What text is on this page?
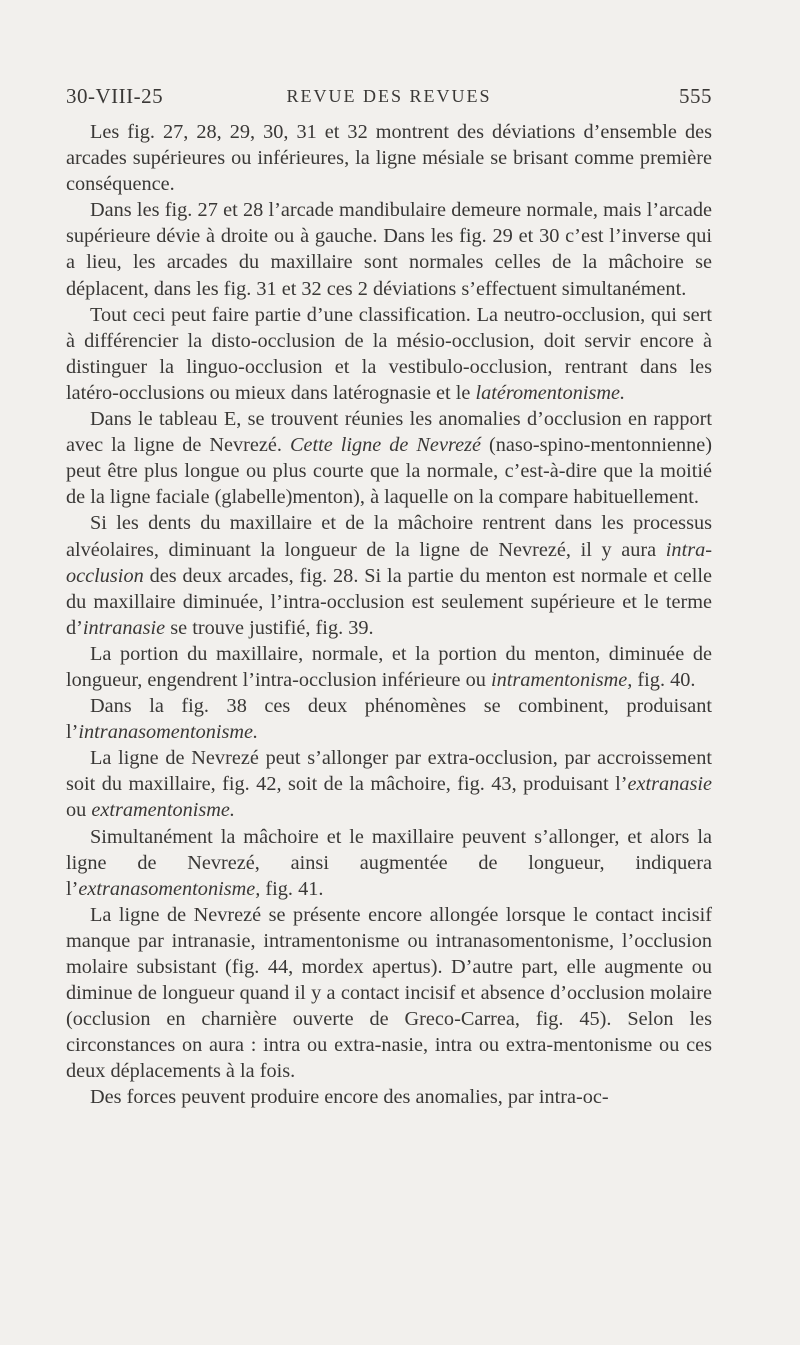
30-VIII-25	REVUE DES REVUES	555

Les fig. 27, 28, 29, 30, 31 et 32 montrent des déviations d’ensemble des arcades supérieures ou inférieures, la ligne mésiale se brisant comme première conséquence.

Dans les fig. 27 et 28 l’arcade mandibulaire demeure normale, mais l’arcade supérieure dévie à droite ou à gauche. Dans les fig. 29 et 30 c’est l’inverse qui a lieu, les arcades du maxillaire sont normales celles de la mâchoire se déplacent, dans les fig. 31 et 32 ces 2 déviations s’effectuent simultanément.

Tout ceci peut faire partie d’une classification. La neutro-occlusion, qui sert à différencier la disto-occlusion de la mésio-occlusion, doit servir encore à distinguer la linguo-occlusion et la vestibulo-occlusion, rentrant dans les latéro-occlusions ou mieux dans latérognasie et le latéromentonisme.

Dans le tableau E, se trouvent réunies les anomalies d’occlusion en rapport avec la ligne de Nevrezé. Cette ligne de Nevrezé (naso-spino-mentonnienne) peut être plus longue ou plus courte que la normale, c’est-à-dire que la moitié de la ligne faciale (glabelle)menton), à laquelle on la compare habituellement.

Si les dents du maxillaire et de la mâchoire rentrent dans les processus alvéolaires, diminuant la longueur de la ligne de Nevrezé, il y aura intra-occlusion des deux arcades, fig. 28. Si la partie du menton est normale et celle du maxillaire diminuée, l’intra-occlusion est seulement supérieure et le terme d’intranasie se trouve justifié, fig. 39.

La portion du maxillaire, normale, et la portion du menton, diminuée de longueur, engendrent l’intra-occlusion inférieure ou intramentonisme, fig. 40.

Dans la fig. 38 ces deux phénomènes se combinent, produisant l’intranasomentonisme.

La ligne de Nevrezé peut s’allonger par extra-occlusion, par accroissement soit du maxillaire, fig. 42, soit de la mâchoire, fig. 43, produisant l’extranasie ou extramentonisme.

Simultanément la mâchoire et le maxillaire peuvent s’allonger, et alors la ligne de Nevrezé, ainsi augmentée de longueur, indiquera l’extranasomentonisme, fig. 41.

La ligne de Nevrezé se présente encore allongée lorsque le contact incisif manque par intranasie, intramentonisme ou intranasomentonisme, l’occlusion molaire subsistant (fig. 44, mordex apertus). D’autre part, elle augmente ou diminue de longueur quand il y a contact incisif et absence d’occlusion molaire (occlusion en charnière ouverte de Greco-Carrea, fig. 45). Selon les circonstances on aura : intra ou extra-nasie, intra ou extra-mentonisme ou ces deux déplacements à la fois.

Des forces peuvent produire encore des anomalies, par intra-oc-
